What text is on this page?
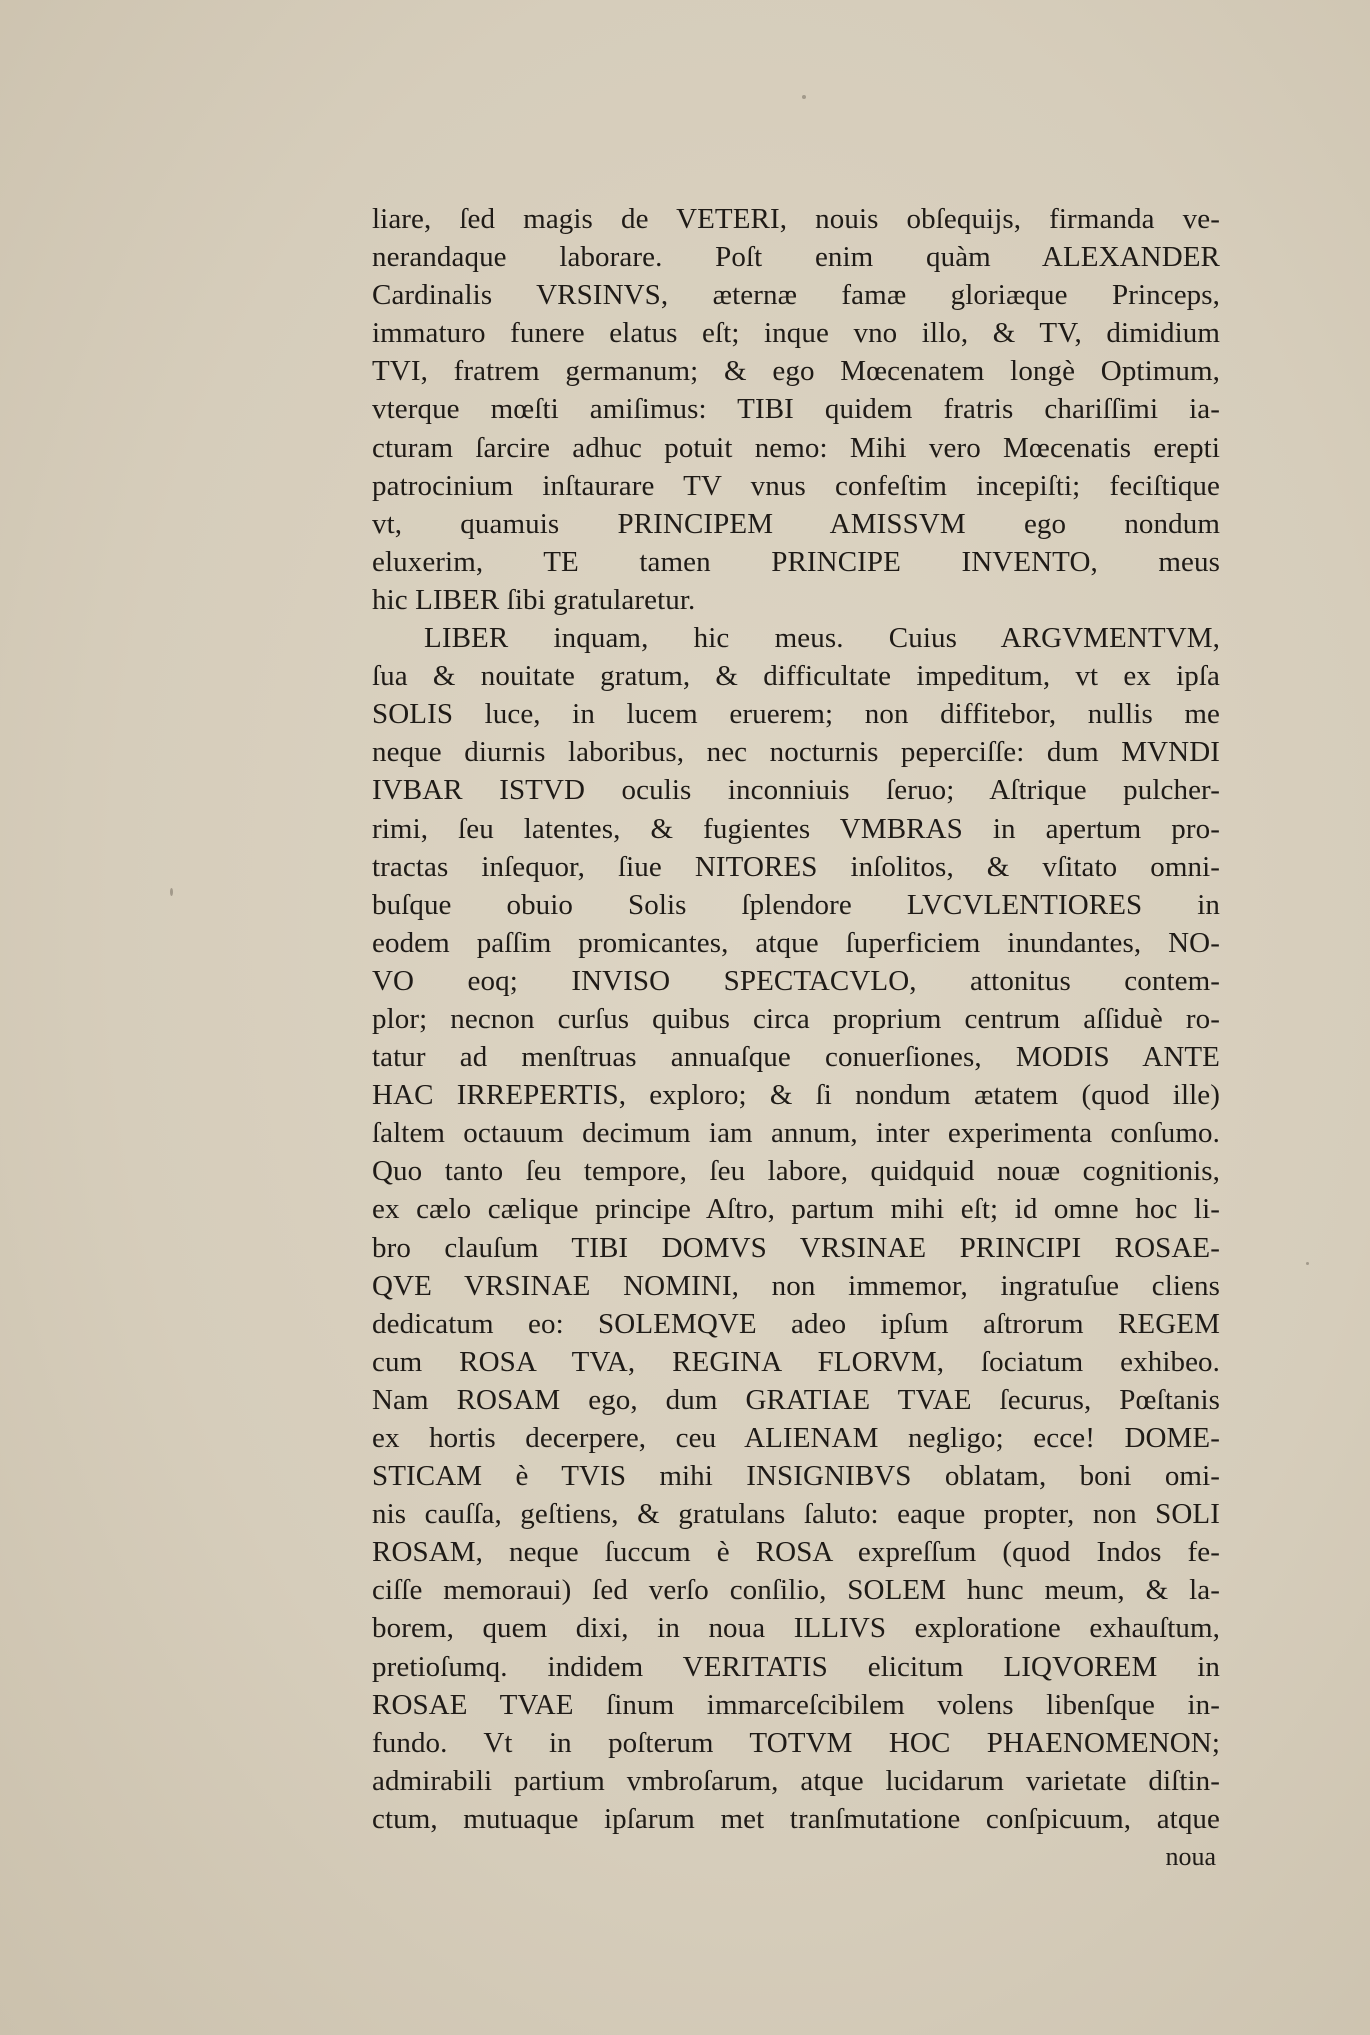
liare, ſed magis de VETERI, nouis obſequijs, firmanda ve-
nerandaque laborare. Poſt enim quàm ALEXANDER
Cardinalis VRSINVS, æternæ famæ gloriæque Princeps,
immaturo funere elatus eſt; inque vno illo, & TV, dimidium
TVI, fratrem germanum; & ego Mœcenatem longè Optimum,
vterque mœſti amiſimus: TIBI quidem fratris chariſſimi ia-
cturam ſarcire adhuc potuit nemo: Mihi vero Mœcenatis erepti
patrocinium inſtaurare TV vnus confeſtim incepiſti; feciſtique
vt, quamuis PRINCIPEM AMISSVM ego nondum
eluxerim, TE tamen PRINCIPE INVENTO, meus
hic LIBER ſibi gratularetur.
LIBER inquam, hic meus. Cuius ARGVMENTVM,
ſua & nouitate gratum, & difficultate impeditum, vt ex ipſa
SOLIS luce, in lucem eruerem; non diffitebor, nullis me
neque diurnis laboribus, nec nocturnis peperciſſe: dum MVNDI
IVBAR ISTVD oculis inconniuis ſeruo; Aſtrique pulcher-
rimi, ſeu latentes, & fugientes VMBRAS in apertum pro-
tractas inſequor, ſiue NITORES inſolitos, & vſitato omni-
buſque obuio Solis ſplendore LVCVLENTIORES in
eodem paſſim promicantes, atque ſuperficiem inundantes, NO-
VO eoq; INVISO SPECTACVLO, attonitus contem-
plor; necnon curſus quibus circa proprium centrum aſſiduè ro-
tatur ad menſtruas annuaſque conuerſiones, MODIS ANTE
HAC IRREPERTIS, exploro; & ſi nondum ætatem (quod ille)
ſaltem octauum decimum iam annum, inter experimenta conſumo.
Quo tanto ſeu tempore, ſeu labore, quidquid nouæ cognitionis,
ex cælo cælique principe Aſtro, partum mihi eſt; id omne hoc li-
bro clauſum TIBI DOMVS VRSINAE PRINCIPI ROSAE-
QVE VRSINAE NOMINI, non immemor, ingratuſue cliens
dedicatum eo: SOLEMQVE adeo ipſum aſtrorum REGEM
cum ROSA TVA, REGINA FLORVM, ſociatum exhibeo.
Nam ROSAM ego, dum GRATIAE TVAE ſecurus, Pœſtanis
ex hortis decerpere, ceu ALIENAM negligo; ecce! DOME-
STICAM è TVIS mihi INSIGNIBVS oblatam, boni omi-
nis cauſſa, geſtiens, & gratulans ſaluto: eaque propter, non SOLI
ROSAM, neque ſuccum è ROSA expreſſum (quod Indos fe-
ciſſe memoraui) ſed verſo conſilio, SOLEM hunc meum, & la-
borem, quem dixi, in noua ILLIVS exploratione exhauſtum,
pretioſumq. indidem VERITATIS elicitum LIQVOREM in
ROSAE TVAE ſinum immarceſcibilem volens libenſque in-
fundo. Vt in poſterum TOTVM HOC PHAENOMENON;
admirabili partium vmbroſarum, atque lucidarum varietate diſtin-
ctum, mutuaque ipſarum met tranſmutatione conſpicuum, atque
noua
